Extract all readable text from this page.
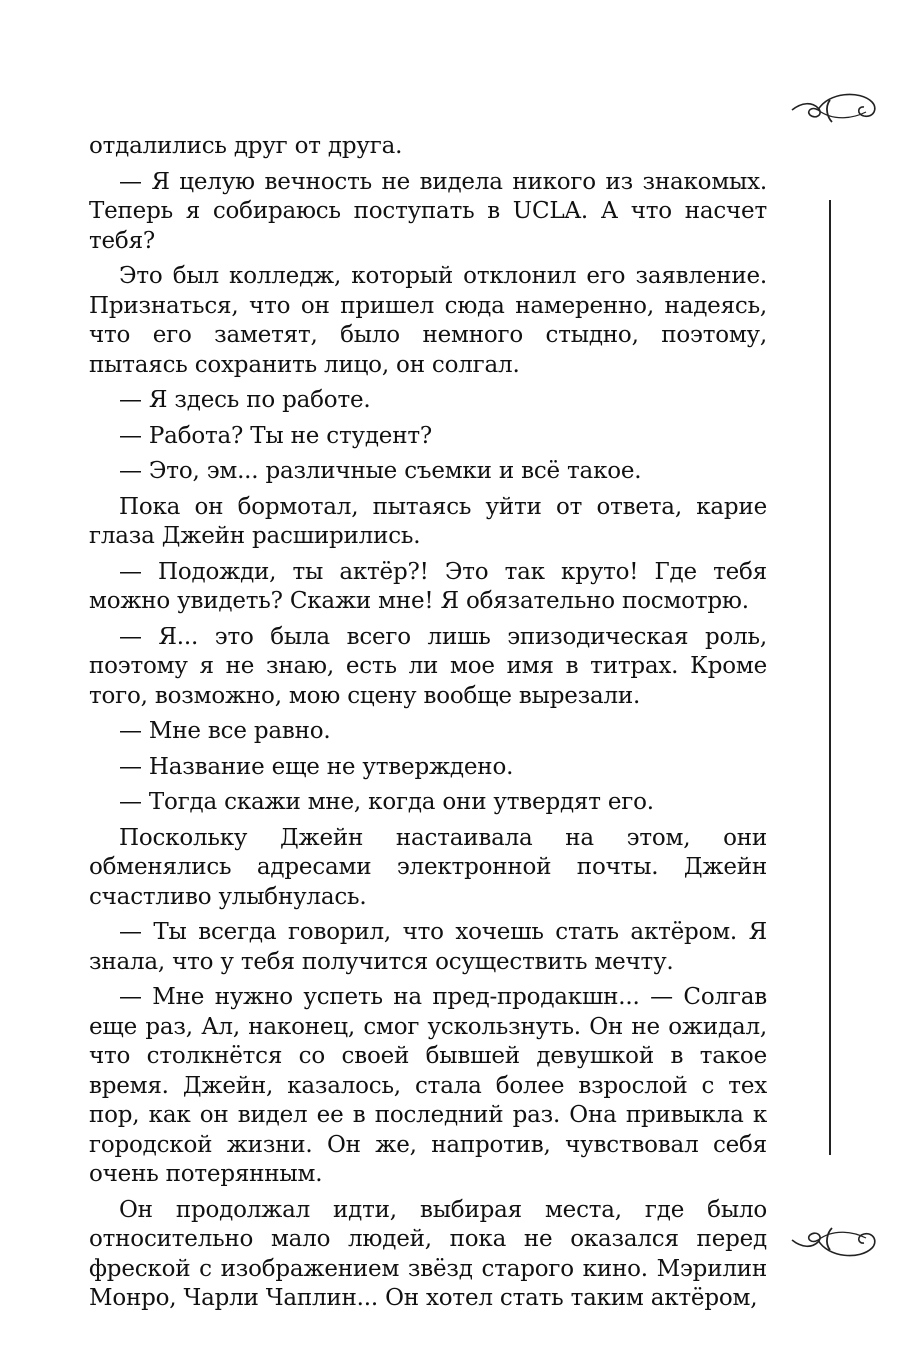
отдалились друг от друга.

— Я целую вечность не видела никого из знакомых. Теперь я собираюсь поступать в UCLA. А что насчет тебя?

Это был колледж, который отклонил его заявление. Признаться, что он пришел сюда намеренно, надеясь, что его заметят, было немного стыдно, поэтому, пытаясь сохранить лицо, он солгал.

— Я здесь по работе.

— Работа? Ты не студент?

— Это, эм... различные съемки и всё такое.

Пока он бормотал, пытаясь уйти от ответа, карие глаза Джейн расширились.

— Подожди, ты актёр?! Это так круто! Где тебя можно увидеть? Скажи мне! Я обязательно посмотрю.

— Я... это была всего лишь эпизодическая роль, поэтому я не знаю, есть ли мое имя в титрах. Кроме того, возможно, мою сцену вообще вырезали.

— Мне все равно.

— Название еще не утверждено.

— Тогда скажи мне, когда они утвердят его.

Поскольку Джейн настаивала на этом, они обменялись адресами электронной почты. Джейн счастливо улыбнулась.

— Ты всегда говорил, что хочешь стать актёром. Я знала, что у тебя получится осуществить мечту.

— Мне нужно успеть на пред-продакшн... — Солгав еще раз, Ал, наконец, смог ускользнуть. Он не ожидал, что столкнётся со своей бывшей девушкой в такое время. Джейн, казалось, стала более взрослой с тех пор, как он видел ее в последний раз. Она привыкла к городской жизни. Он же, напротив, чувствовал себя очень потерянным.

Он продолжал идти, выбирая места, где было относительно мало людей, пока не оказался перед фреской с изображением звёзд старого кино. Мэрилин Монро, Чарли Чаплин... Он хотел стать таким актёром,
